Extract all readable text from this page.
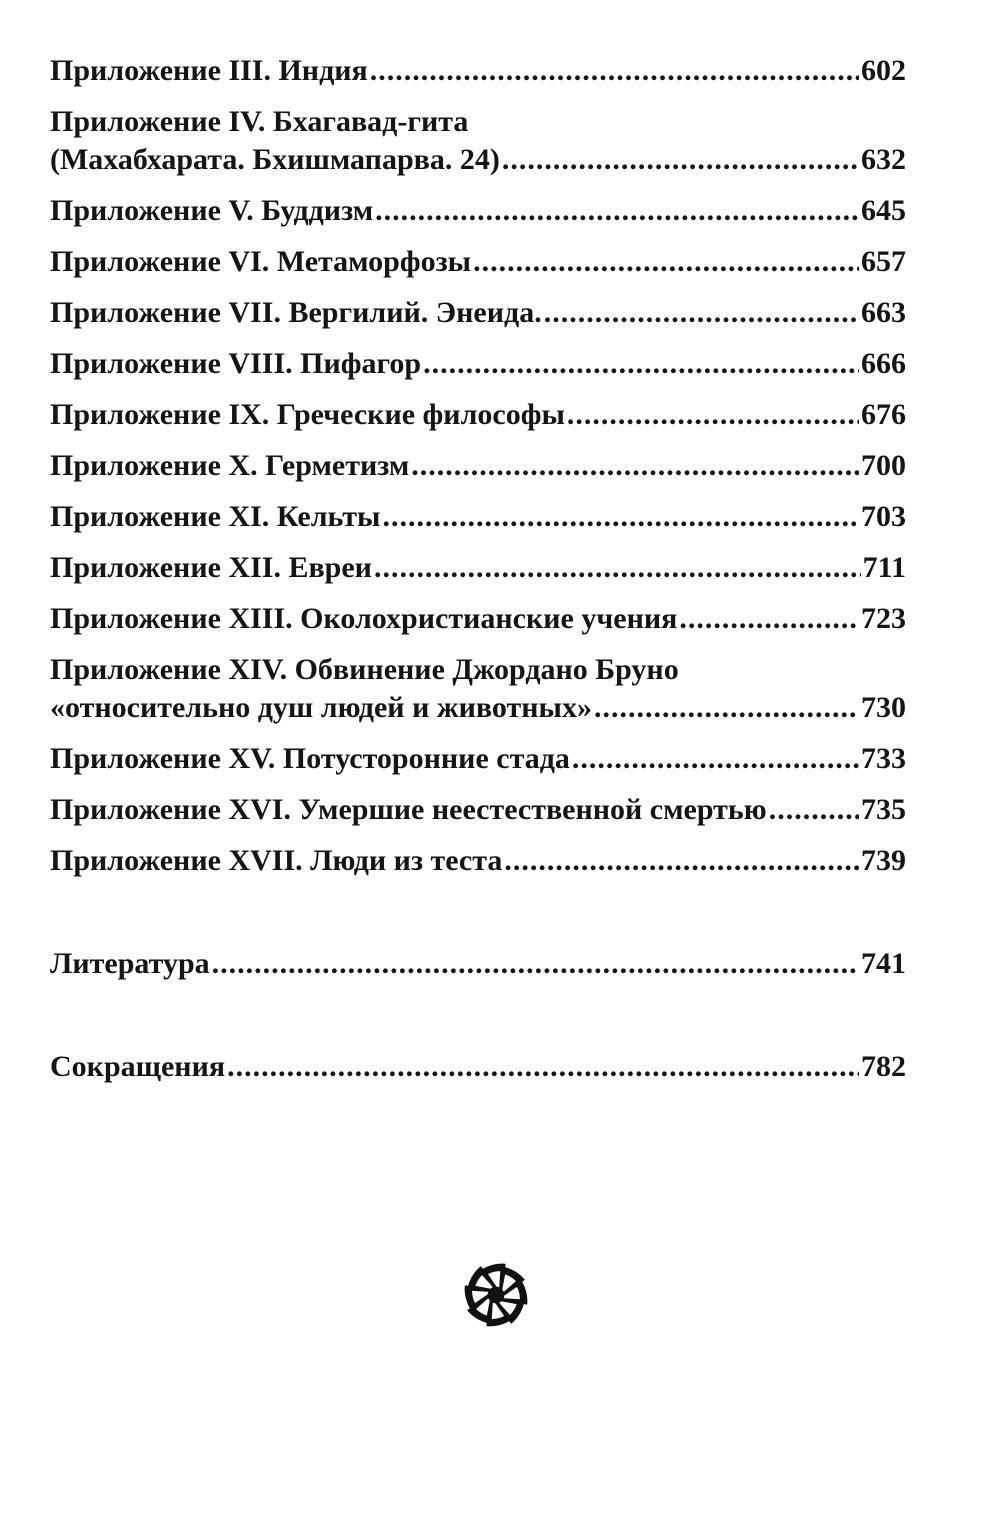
Приложение III. Индия .....	602
Приложение IV. Бхагавад-гита
(Махабхарата. Бхишмапарва. 24) .....	632
Приложение V. Буддизм .....	645
Приложение VI. Метаморфозы .....	657
Приложение VII. Вергилий. Энеида. .....	663
Приложение VIII. Пифагор .....	666
Приложение IX. Греческие философы .....	676
Приложение X. Герметизм .....	700
Приложение XI. Кельты .....	703
Приложение XII. Евреи .....	711
Приложение XIII. Околохристианские учения .....	723
Приложение XIV. Обвинение Джордано Бруно
«относительно душ людей и животных» .....	730
Приложение XV. Потусторонние стада .....	733
Приложение XVI. Умершие неестественной смертью .....	735
Приложение XVII. Люди из теста .....	739
Литература .....	741
Сокращения .....	782
